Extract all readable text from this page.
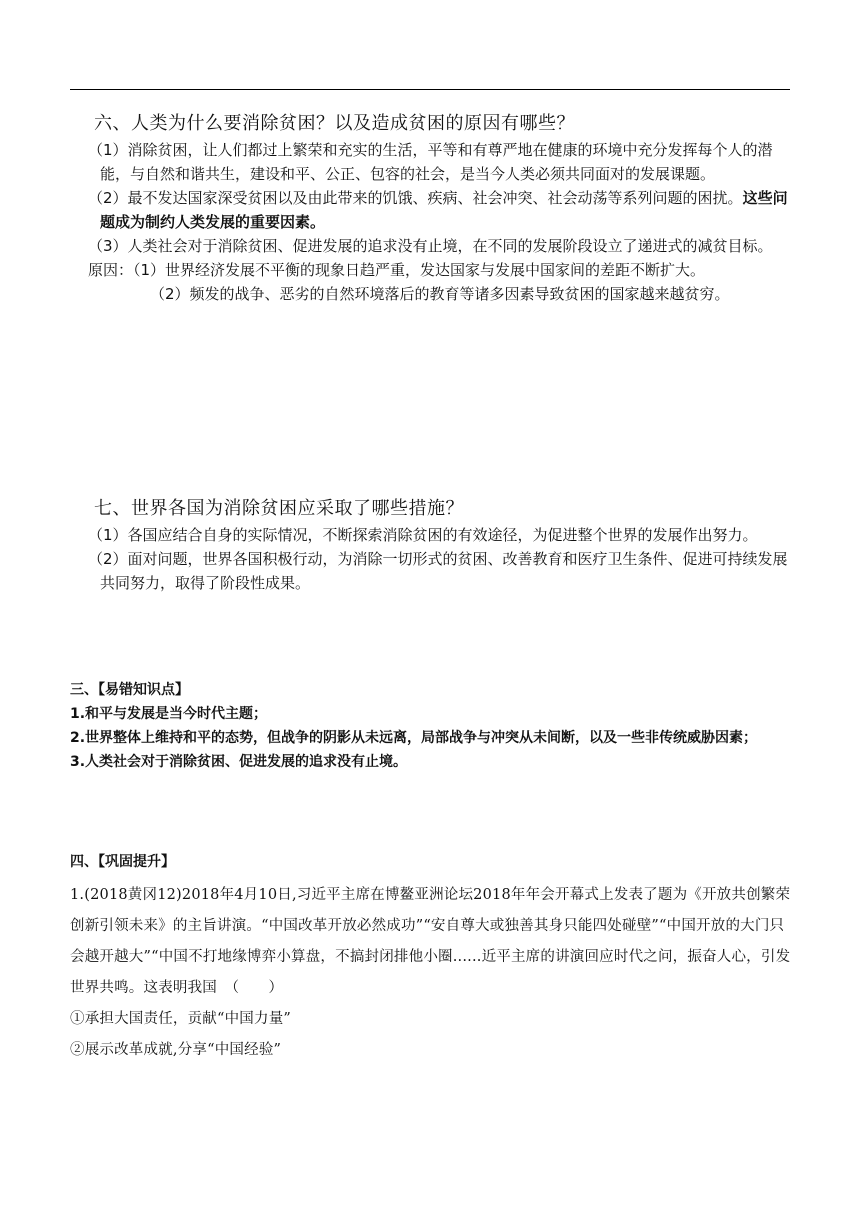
六、人类为什么要消除贫困？以及造成贫困的原因有哪些？

（1）消除贫困，让人们都过上繁荣和充实的生活，平等和有尊严地在健康的环境中充分发挥每个人的潜能，与自然和谐共生，建设和平、公正、包容的社会，是当今人类必须共同面对的发展课题。

（2）最不发达国家深受贫困以及由此带来的饥饿、疾病、社会冲突、社会动荡等系列问题的困扰。这些问题成为制约人类发展的重要因素。

（3）人类社会对于消除贫困、促进发展的追求没有止境，在不同的发展阶段设立了递进式的减贫目标。

原因：（1）世界经济发展不平衡的现象日趋严重，发达国家与发展中国家间的差距不断扩大。

（2）频发的战争、恶劣的自然环境落后的教育等诸多因素导致贫困的国家越来越贫穷。

七、世界各国为消除贫困应采取了哪些措施？

（1）各国应结合自身的实际情况，不断探索消除贫困的有效途径，为促进整个世界的发展作出努力。

（2）面对问题，世界各国积极行动，为消除一切形式的贫困、改善教育和医疗卫生条件、促进可持续发展共同努力，取得了阶段性成果。

三、【易错知识点】

1.和平与发展是当今时代主题；

2.世界整体上维持和平的态势，但战争的阴影从未远离，局部战争与冲突从未间断，以及一些非传统威胁因素；

3.人类社会对于消除贫困、促进发展的追求没有止境。

四、【巩固提升】

1.(2018黄冈12)2018年4月10日,习近平主席在博鳌亚洲论坛2018年年会开幕式上发表了题为《开放共创繁荣创新引领未来》的主旨讲演。“中国改革开放必然成功”“安自尊大或独善其身只能四处碰壁”“中国开放的大门只会越开越大”“中国不打地缘博弈小算盘，不搞封闭排他小圈......近平主席的讲演回应时代之问，振奋人心，引发世界共鸣。这表明我国　（　　）

①承担大国责任，贡献“中国力量”

②展示改革成就,分享“中国经验”
